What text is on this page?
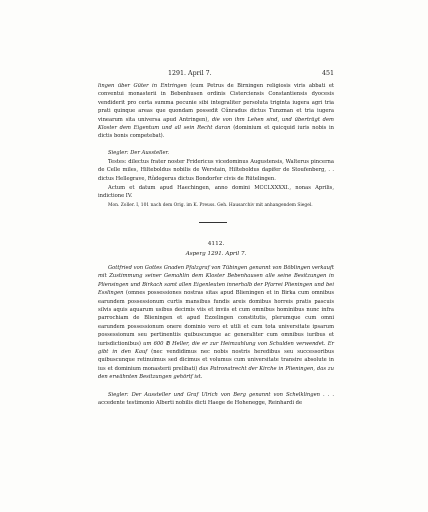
1291. April 7.	451

lingen über Güter in Entringen (cum Petrus de Birningen religiosis viris abbati et conventui monasterii in Bebenhusen ordinis Cisterciensis Constantiensis dyocesis vendiderit pro certa summa pecunie sibi integraliter persoluta triginta iugera agri tria prati quinque areas que quondam possedit Cŭnradus dictus Tunzman et tria iugera vinearum sita universa apud Antringen), die von ihm Lehen sind, und überträgt dem Kloster dem Eigentum und all sein Recht daran (dominium et quicquid iuris nobis in dictis bonis competebat).

Siegler: Der Aussteller.

Testes: dilectus frater noster Fridericus vicedominus Augustensis, Walterus pincerna de Celle miles, Hilteboldus nobilis de Werstain, Hilteboldus dapifer de Stoufenberg, . . dictus Hellegrave, Rǔdegerus dictus Bondorfer civis de Rütelingen.

Actum et datum apud Haechingen, anno domini MCCLXXXXI., nonas Aprilis, indictione IV.

Mon. Zoller. I, 101 nach dem Orig. im K. Preuss. Geh. Hausarchiv mit anhangendem Siegel.

4112.

Asperg 1291. April 7.

Gottfried von Gottes Gnaden Pfalzgraf von Tübingen genannt von Böblingen verkauft mit Zustimmung seiner Gemahlin dem Kloster Bebenhausen alle seine Besitzungen in Pliensingen und Birkach samt allen Eigenleuten innerhalb der Pfarrei Plieningen und bei Esslingen (omnes possessiones nostras sitas apud Blieningen et in Birka cum omnibus earundem possessionum curtis mansibus fundis areis domibus horreis pratis pascuis silvis aquis aquarum usibus decimis viis et inviis et cum omnibus hominibus nunc infra parrochiam de Blieningen et apud Ezzelingen constitutis, plerumque cum omni earundem possessionum onere dominio vero et utili et cum tota universitate ipsarum possessionum seu pertinentiis quibuscunque ac generaliter cum omnibus iuribus et iurisdictionibus) um 600 ℔ Heller, die er zur Heimzahlung von Schulden verwendet. Er gibt in den Kauf (nec vendidimus nec nobis nostris heredibus seu successoribus quibuscunque retinuimus sed dicimus et volumus cum universitate transire absolute in ius et dominium monasterii prelibati) das Patronatrecht der Kirche in Plieningen, das zu den erwähnten Besitzungen gehörtf ist.

Siegler: Der Aussteller und Graf Ulrich von Berg genannt von Schelklingen . . . accedente testimonio Alberti nobilis dicti Haege de Hohenegge, Reinhardi de
